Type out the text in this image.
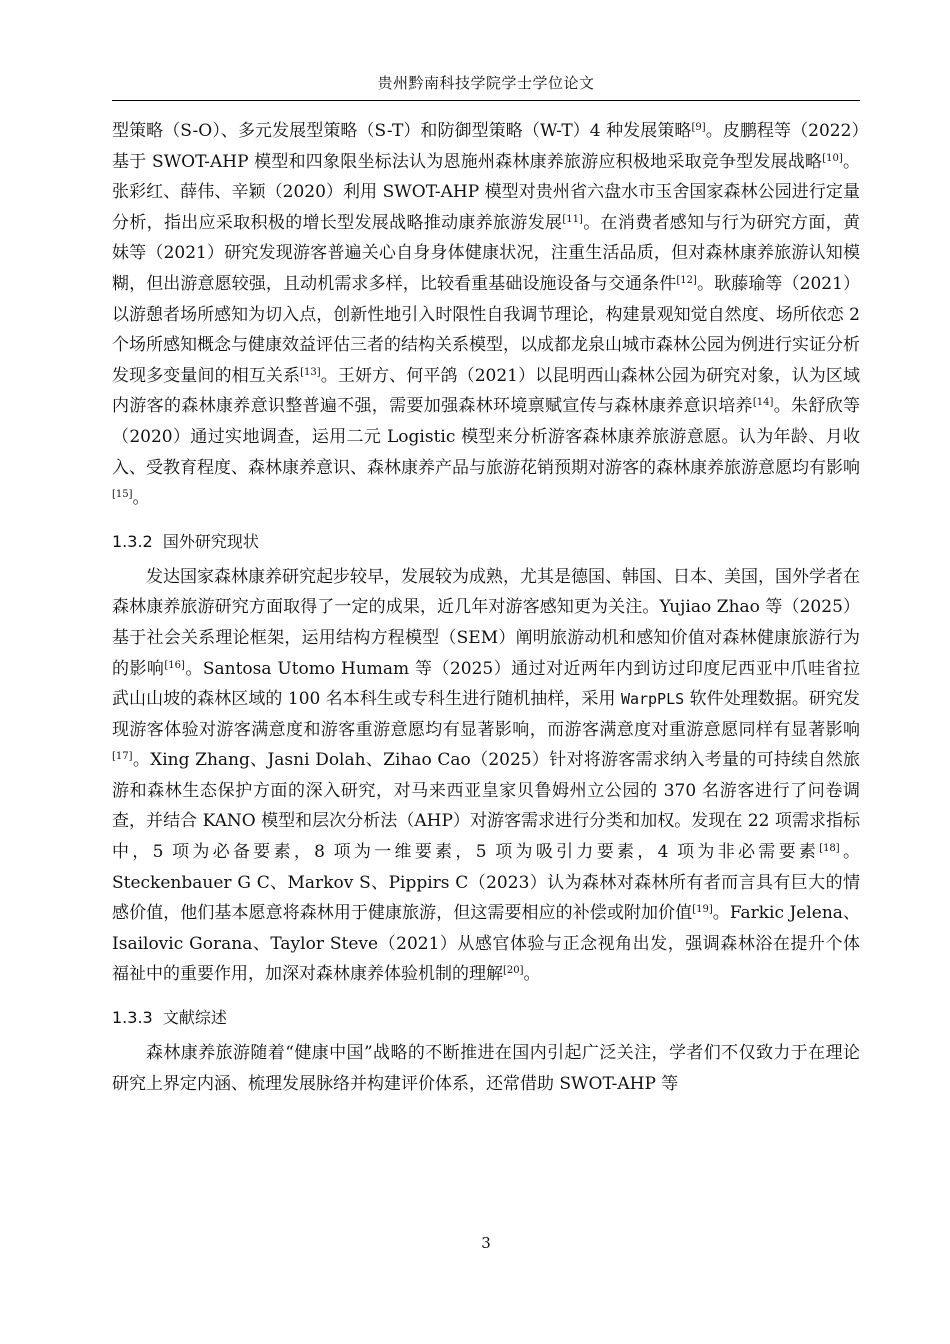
贵州黔南科技学院学士学位论文

型策略（S-O）、多元发展型策略（S-T）和防御型策略（W-T）4 种发展策略[9]。皮鹏程等（2022）基于 SWOT-AHP 模型和四象限坐标法认为恩施州森林康养旅游应积极地采取竞争型发展战略[10]。张彩红、薛伟、辛颖（2020）利用 SWOT-AHP 模型对贵州省六盘水市玉舍国家森林公园进行定量分析，指出应采取积极的增长型发展战略推动康养旅游发展[11]。在消费者感知与行为研究方面，黄妹等（2021）研究发现游客普遍关心自身身体健康状况，注重生活品质，但对森林康养旅游认知模糊，但出游意愿较强，且动机需求多样，比较看重基础设施设备与交通条件[12]。耿藤瑜等（2021）以游憩者场所感知为切入点，创新性地引入时限性自我调节理论，构建景观知觉自然度、场所依恋 2 个场所感知概念与健康效益评估三者的结构关系模型，以成都龙泉山城市森林公园为例进行实证分析发现多变量间的相互关系[13]。王妍方、何平鸽（2021）以昆明西山森林公园为研究对象，认为区域内游客的森林康养意识整普遍不强，需要加强森林环境禀赋宣传与森林康养意识培养[14]。朱舒欣等（2020）通过实地调查，运用二元 Logistic 模型来分析游客森林康养旅游意愿。认为年龄、月收入、受教育程度、森林康养意识、森林康养产品与旅游花销预期对游客的森林康养旅游意愿均有影响[15]。

1.3.2 国外研究现状

发达国家森林康养研究起步较早，发展较为成熟，尤其是德国、韩国、日本、美国，国外学者在森林康养旅游研究方面取得了一定的成果，近几年对游客感知更为关注。Yujiao Zhao 等（2025）基于社会关系理论框架，运用结构方程模型（SEM）阐明旅游动机和感知价值对森林健康旅游行为的影响[16]。Santosa Utomo Humam 等（2025）通过对近两年内到访过印度尼西亚中爪哇省拉武山山坡的森林区域的 100 名本科生或专科生进行随机抽样，采用 WarpPLS 软件处理数据。研究发现游客体验对游客满意度和游客重游意愿均有显著影响，而游客满意度对重游意愿同样有显著影响[17]。Xing Zhang、Jasni Dolah、Zihao Cao（2025）针对将游客需求纳入考量的可持续自然旅游和森林生态保护方面的深入研究，对马来西亚皇家贝鲁姆州立公园的 370 名游客进行了问卷调查，并结合 KANO 模型和层次分析法（AHP）对游客需求进行分类和加权。发现在 22 项需求指标中，5 项为必备要素，8 项为一维要素，5 项为吸引力要素，4 项为非必需要素[18]。Steckenbauer G C、Markov S、Pippirs C（2023）认为森林对森林所有者而言具有巨大的情感价值，他们基本愿意将森林用于健康旅游，但这需要相应的补偿或附加价值[19]。Farkic Jelena、Isailovic Gorana、Taylor Steve（2021）从感官体验与正念视角出发，强调森林浴在提升个体福祉中的重要作用，加深对森林康养体验机制的理解[20]。

1.3.3 文献综述

森林康养旅游随着“健康中国”战略的不断推进在国内引起广泛关注，学者们不仅致力于在理论研究上界定内涵、梳理发展脉络并构建评价体系，还常借助 SWOT-AHP 等

3
